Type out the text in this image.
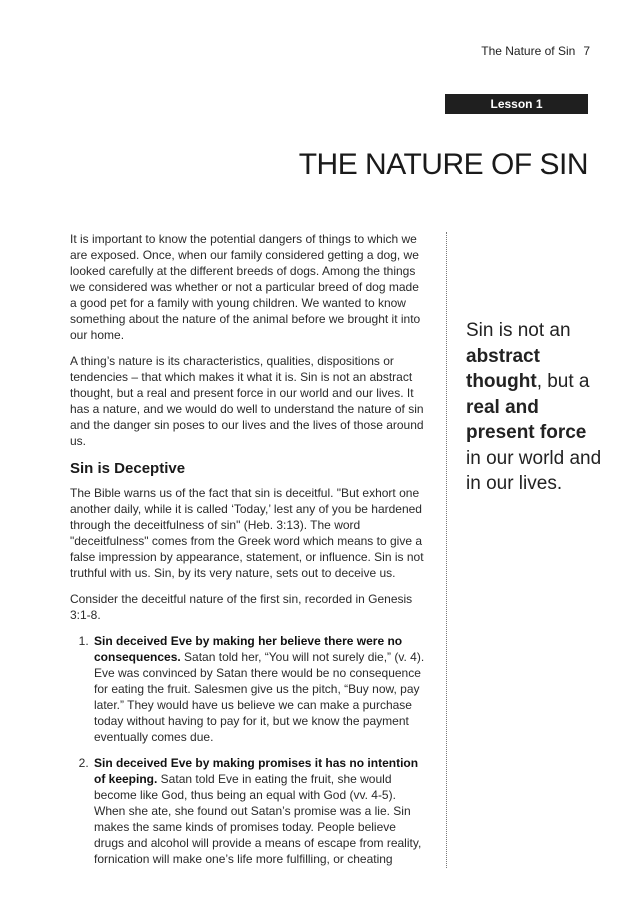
The Nature of Sin 7
Lesson 1
THE NATURE OF SIN

It is important to know the potential dangers of things to which we are exposed. Once, when our family considered getting a dog, we looked carefully at the different breeds of dogs. Among the things we considered was whether or not a particular breed of dog made a good pet for a family with young children. We wanted to know something about the nature of the animal before we brought it into our home.

A thing’s nature is its characteristics, qualities, dispositions or tendencies – that which makes it what it is. Sin is not an abstract thought, but a real and present force in our world and our lives. It has a nature, and we would do well to understand the nature of sin and the danger sin poses to our lives and the lives of those around us.

Sin is Deceptive

The Bible warns us of the fact that sin is deceitful. "But exhort one another daily, while it is called ‘Today,’ lest any of you be hardened through the deceitfulness of sin" (Heb. 3:13). The word "deceitfulness" comes from the Greek word which means to give a false impression by appearance, statement, or influence. Sin is not truthful with us. Sin, by its very nature, sets out to deceive us.

Consider the deceitful nature of the first sin, recorded in Genesis 3:1-8.

1. Sin deceived Eve by making her believe there were no consequences. Satan told her, “You will not surely die,” (v. 4). Eve was convinced by Satan there would be no consequence for eating the fruit. Salesmen give us the pitch, “Buy now, pay later.” They would have us believe we can make a purchase today without having to pay for it, but we know the payment eventually comes due.
2. Sin deceived Eve by making promises it has no intention of keeping. Satan told Eve in eating the fruit, she would become like God, thus being an equal with God (vv. 4-5). When she ate, she found out Satan’s promise was a lie. Sin makes the same kinds of promises today. People believe drugs and alcohol will provide a means of escape from reality, fornication will make one’s life more fulfilling, or cheating
Sin is not an abstract thought, but a real and present force in our world and in our lives.
